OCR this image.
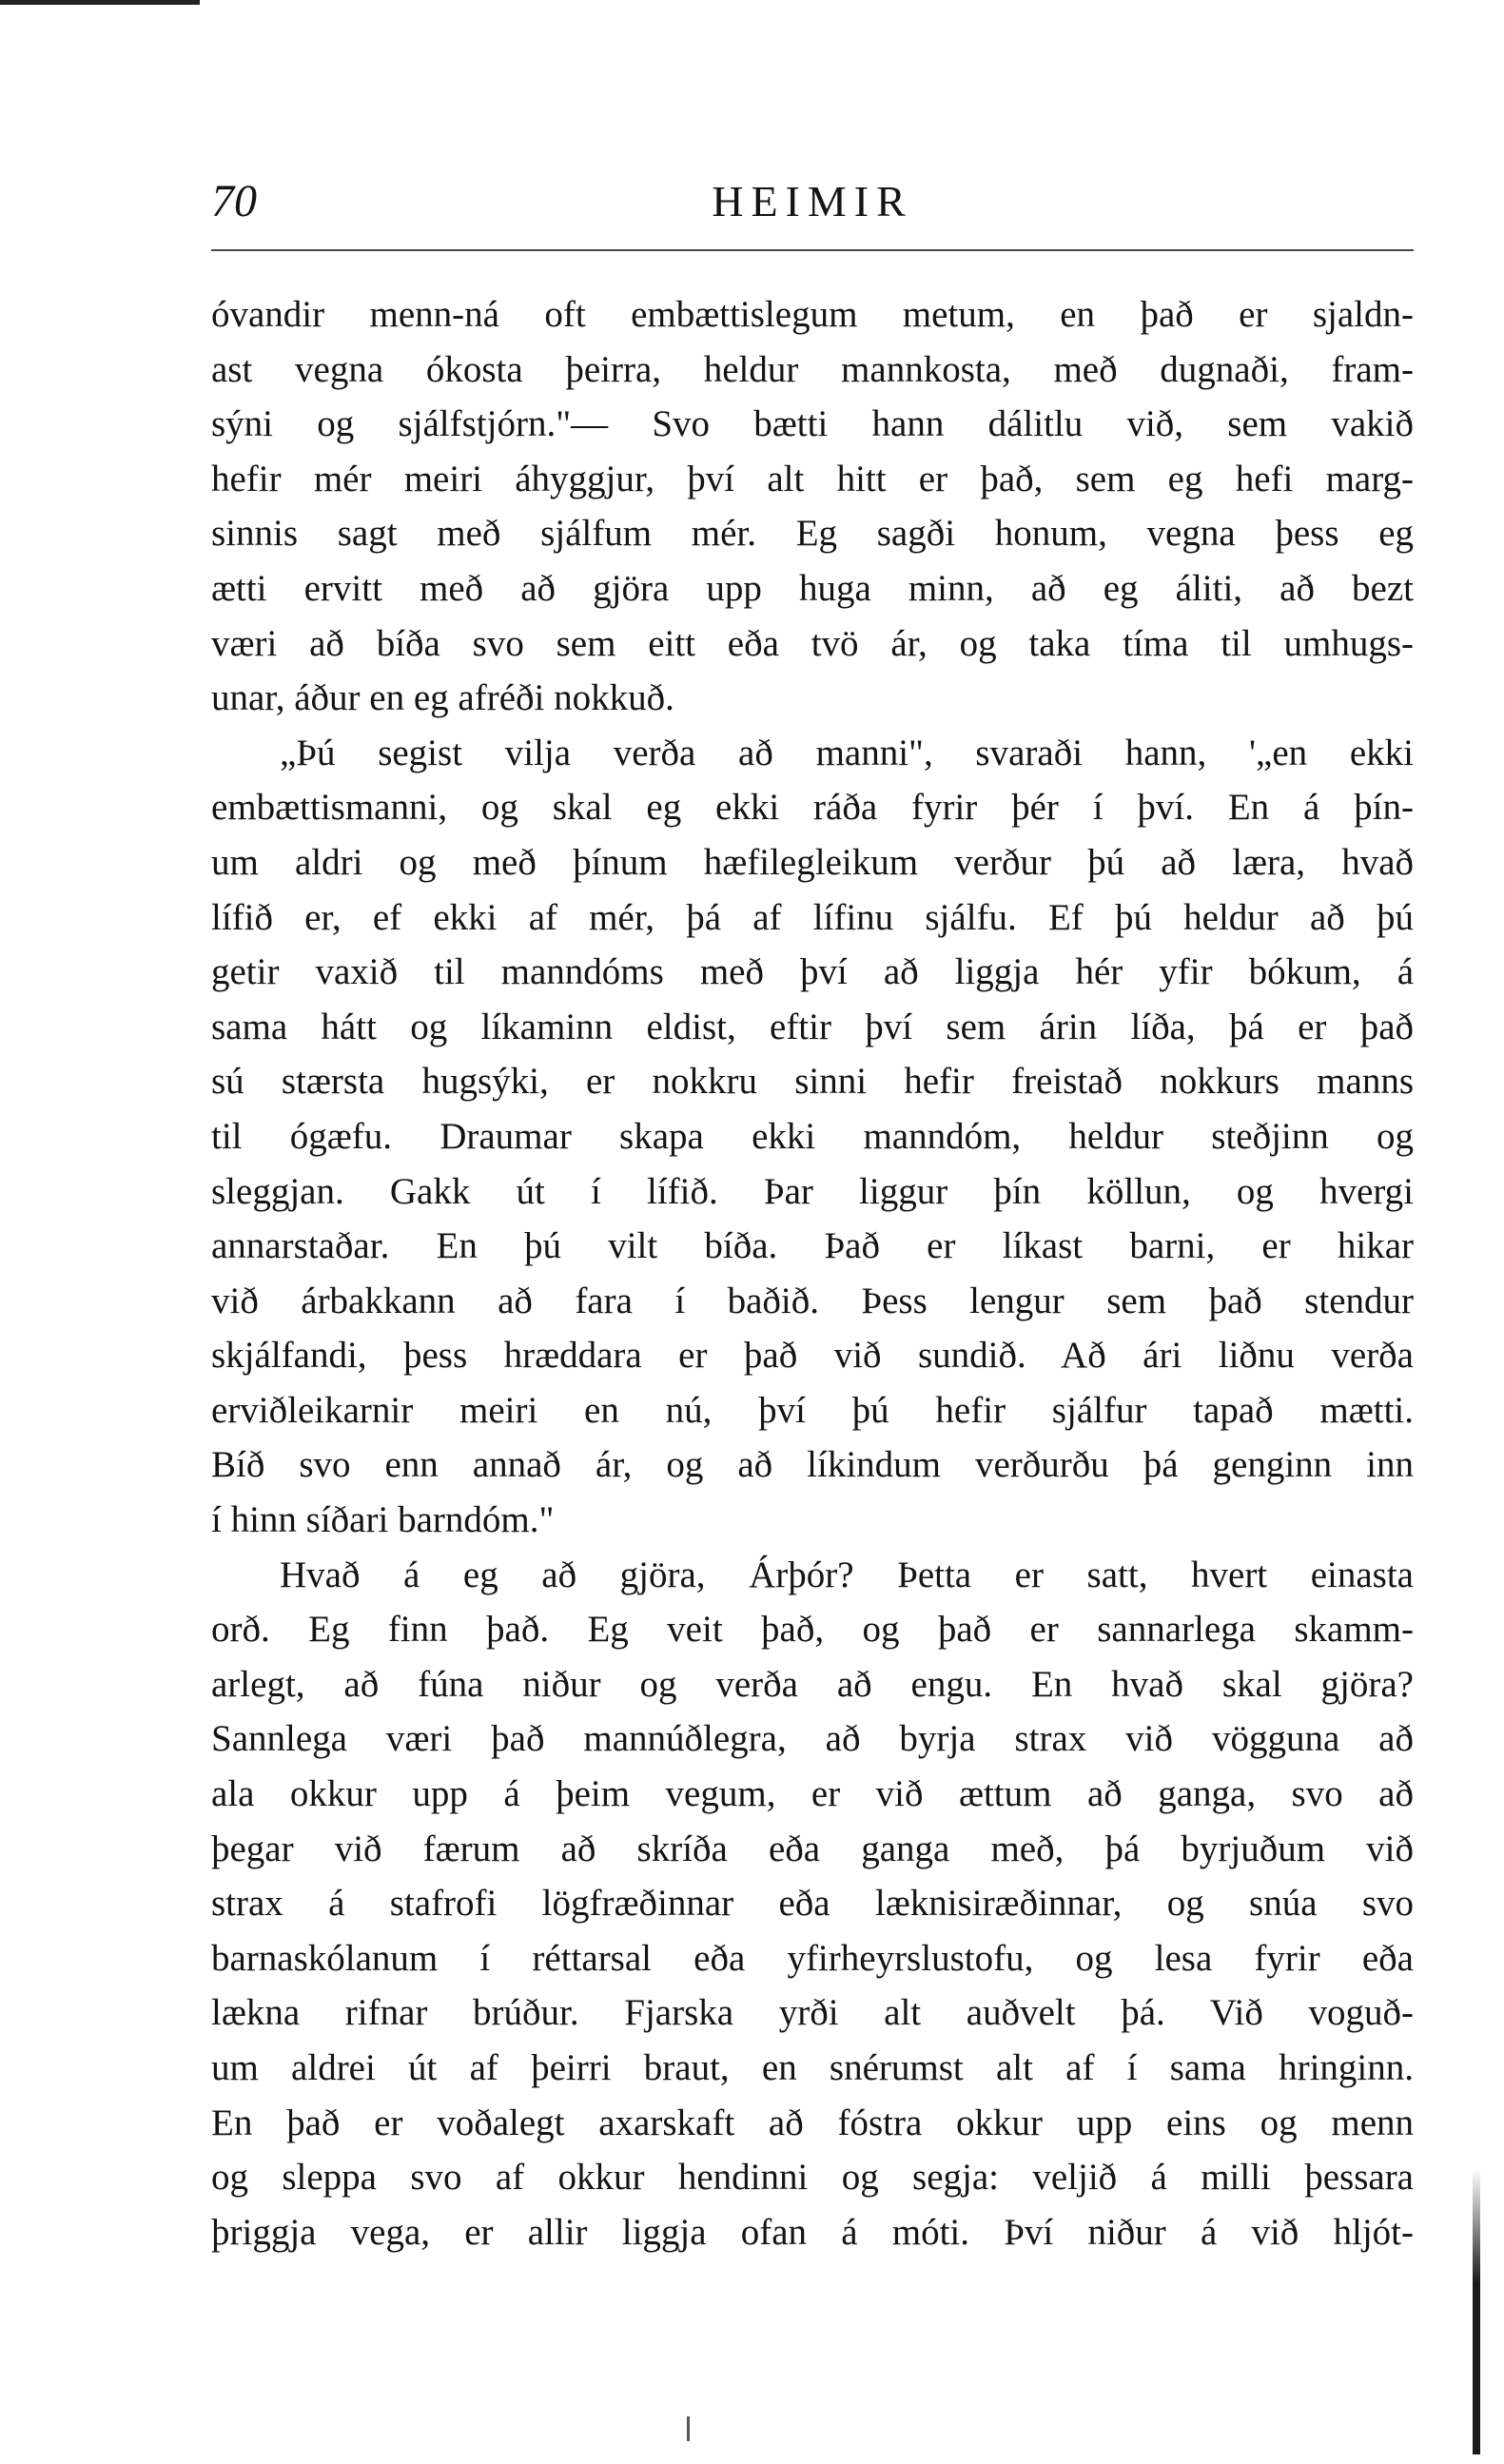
70	HEIMIR
óvandir menn-ná oft embættislegum metum, en það er sjaldn-
ast vegna ókosta þeirra, heldur mannkosta, með dugnaði, fram-
sýni og sjálfstjórn."— Svo bætti hann dálitlu við, sem vakið
hefir mér meiri áhyggjur, því alt hitt er það, sem eg hefi marg-
sinnis sagt með sjálfum mér. Eg sagði honum, vegna þess eg
ætti ervitt með að gjöra upp huga minn, að eg áliti, að bezt
væri að bíða svo sem eitt eða tvö ár, og taka tíma til umhugs-
unar, áður en eg afréði nokkuð.
„Þú segist vilja verða að manni", svaraði hann, '„en ekki
embættismanni, og skal eg ekki ráða fyrir þér í því. En á þín-
um aldri og með þínum hæfilegleikum verður þú að læra, hvað
lífið er, ef ekki af mér, þá af lífinu sjálfu. Ef þú heldur að þú
getir vaxið til manndóms með því að liggja hér yfir bókum, á
sama hátt og líkaminn eldist, eftir því sem árin líða, þá er það
sú stærsta hugsýki, er nokkru sinni hefir freistað nokkurs manns
til ógæfu. Draumar skapa ekki manndóm, heldur steðjinn og
sleggjan. Gakk út í lífið. Þar liggur þín köllun, og hvergi
annarstaðar. En þú vilt bíða. Það er líkast barni, er hikar
við árbakkann að fara í baðið. Þess lengur sem það stendur
skjálfandi, þess hræddara er það við sundið. Að ári liðnu verða
erviðleikarnir meiri en nú, því þú hefir sjálfur tapað mætti.
Bíð svo enn annað ár, og að líkindum verðurðu þá genginn inn
í hinn síðari barndóm."
Hvað á eg að gjöra, Árþór? Þetta er satt, hvert einasta
orð. Eg finn það. Eg veit það, og það er sannarlega skamm-
arlegt, að fúna niður og verða að engu. En hvað skal gjöra?
Sannlega væri það mannúðlegra, að byrja strax við vöggunа að
ala okkur upp á þeim vegum, er við ættum að ganga, svo að
þegar við færum að skríða eða ganga með, þá byrjuðum við
strax á stafrofi lögfræðinnar eða læknisiræðinnar, og snúa svo
barnaskólanum í réttarsal eða yfirheyrslustofu, og lesa fyrir eða
lækna rifnar brúður. Fjarska yrði alt auðvelt þá. Við voguð-
um aldrei út af þeirri braut, en snérumst alt af í sama hringinn.
En það er voðalegt axarskaft að fóstra okkur upp eins og menn
og sleppa svo af okkur hendinni og segja: veljið á milli þessara
þriggja vega, er allir liggja ofan á móti. Því niður á við hljót-
